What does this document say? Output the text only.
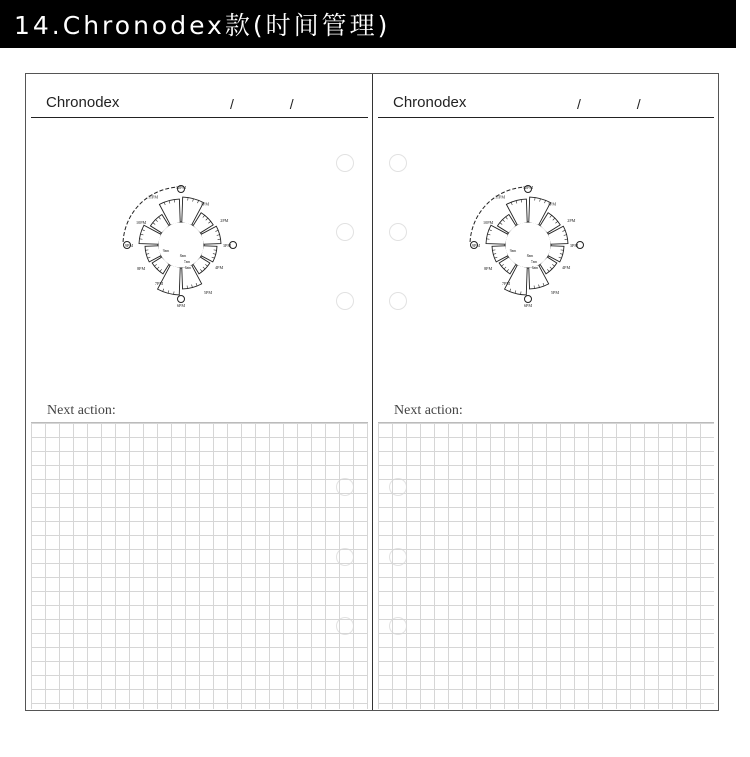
14.Chronodex款(时间管理)
Chronodex	/ /
12PM
1PM
2PM
3PM
4PM
5PM
6PM
7PM
8PM
9PM
10PM
11PM
6am
7am
8am
9am
Next action:
Chronodex	/ /
12PM
1PM
2PM
3PM
4PM
5PM
6PM
7PM
8PM
9PM
10PM
11PM
6am
7am
8am
9am
Next action:
